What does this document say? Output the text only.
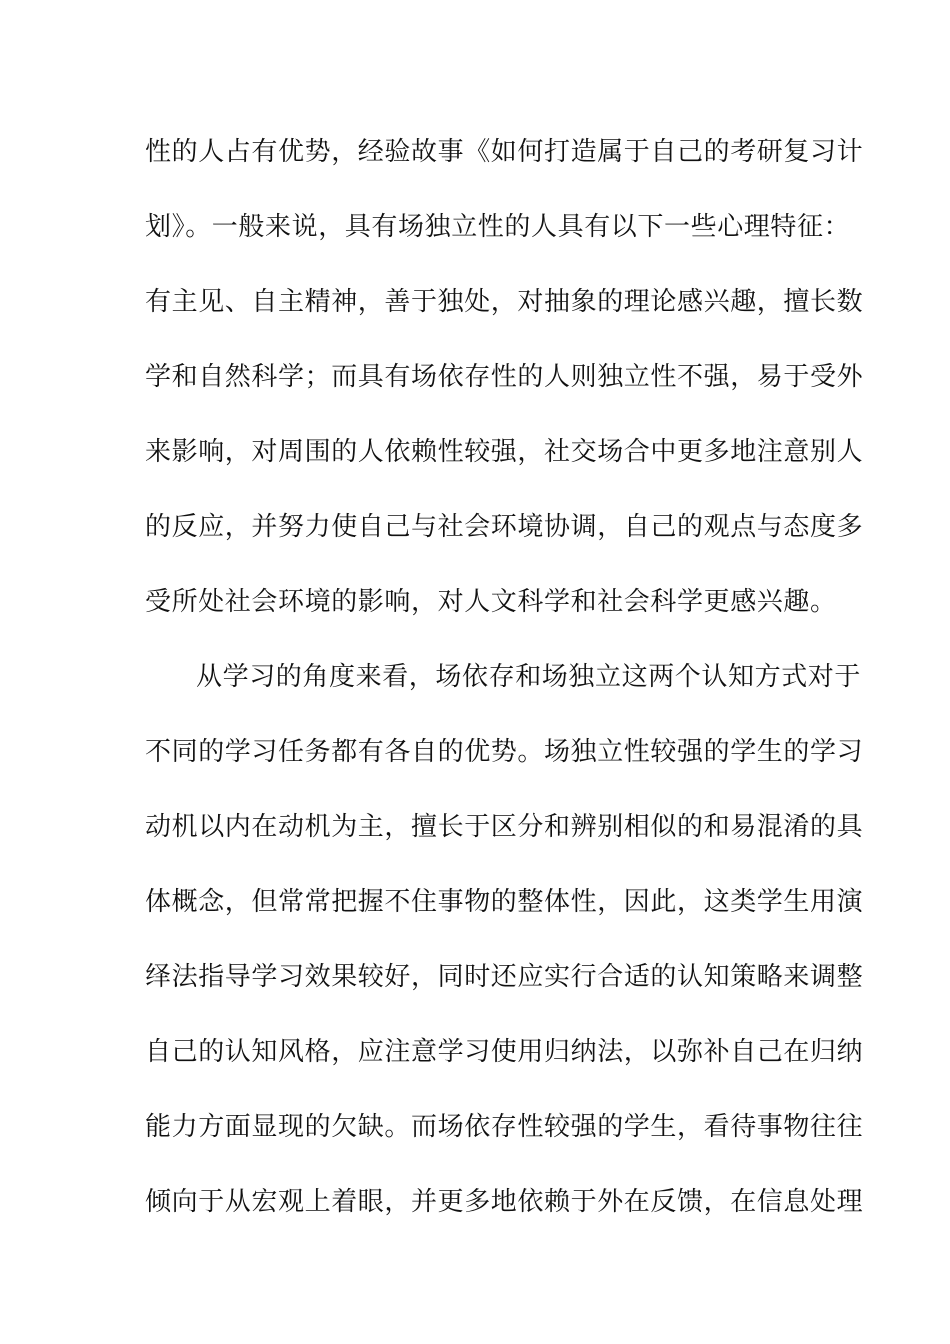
性的人占有优势，经验故事《如何打造属于自己的考研复习计
划》。一般来说，具有场独立性的人具有以下一些心理特征：
有主见、自主精神，善于独处，对抽象的理论感兴趣，擅长数
学和自然科学；而具有场依存性的人则独立性不强，易于受外
来影响，对周围的人依赖性较强，社交场合中更多地注意别人
的反应，并努力使自己与社会环境协调，自己的观点与态度多
受所处社会环境的影响，对人文科学和社会科学更感兴趣。
从学习的角度来看，场依存和场独立这两个认知方式对于
不同的学习任务都有各自的优势。场独立性较强的学生的学习
动机以内在动机为主，擅长于区分和辨别相似的和易混淆的具
体概念，但常常把握不住事物的整体性，因此，这类学生用演
绎法指导学习效果较好，同时还应实行合适的认知策略来调整
自己的认知风格，应注意学习使用归纳法，以弥补自己在归纳
能力方面显现的欠缺。而场依存性较强的学生，看待事物往往
倾向于从宏观上着眼，并更多地依赖于外在反馈，在信息处理
